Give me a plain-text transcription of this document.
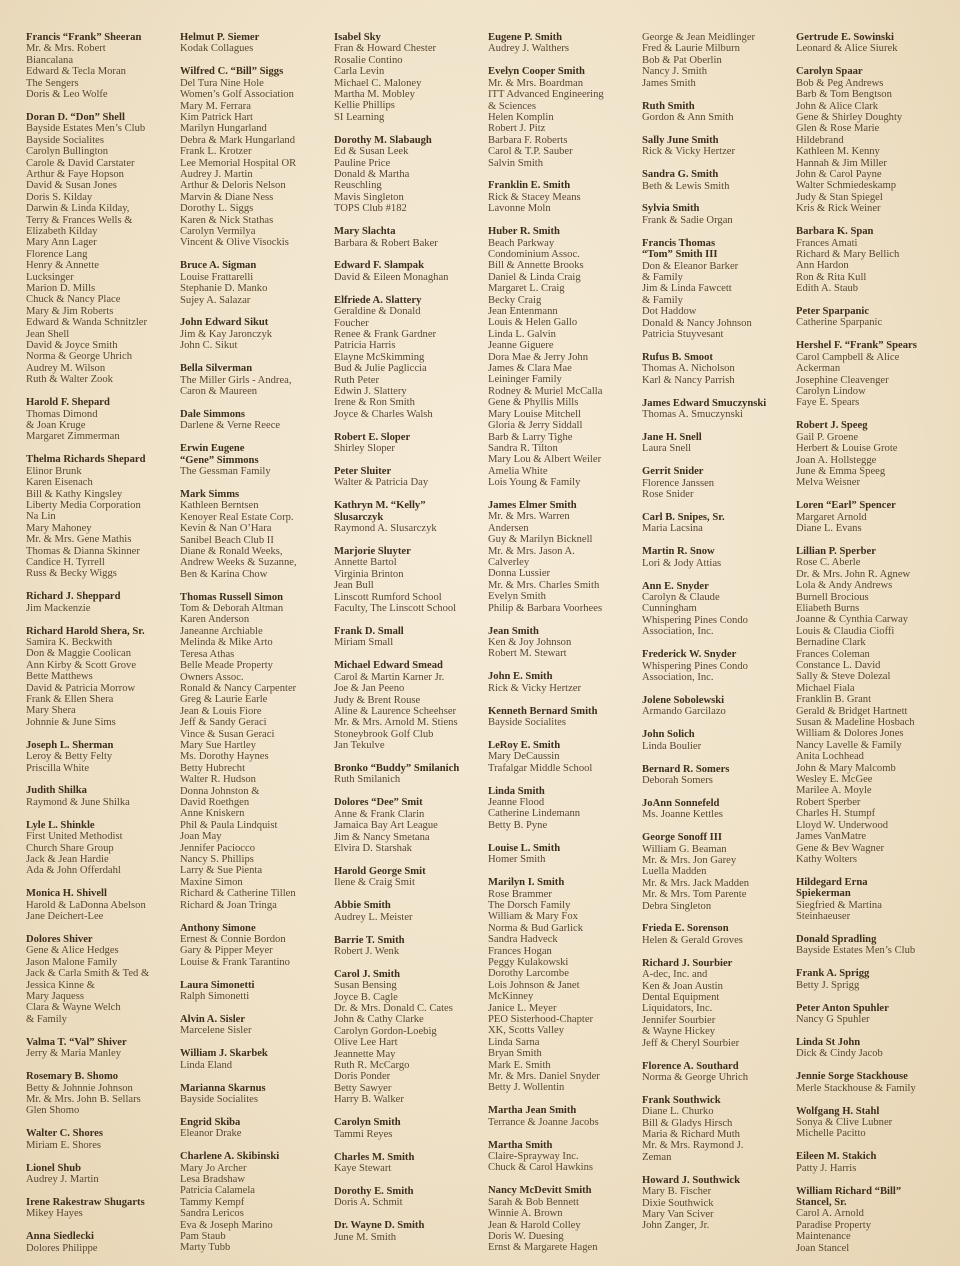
Francis “Frank” Sheeran
Mr. & Mrs. Robert
Biancalana
Edward & Tecla Moran
The Sengers
Doris & Leo Wolfe
Doran D. “Don” Shell
Bayside Estates Men’s Club
Bayside Socialites
Carolyn Bullington
Carole & David Carstater
Arthur & Faye Hopson
David & Susan Jones
Doris S. Kilday
Darwin & Linda Kilday,
Terry & Frances Wells &
Elizabeth Kilday
Mary Ann Lager
Florence Lang
Henry & Annette
Lucksinger
Marion D. Mills
Chuck & Nancy Place
Mary & Jim Roberts
Edward & Wanda Schnitzler
Jean Shell
David & Joyce Smith
Norma & George Uhrich
Audrey M. Wilson
Ruth & Walter Zook
Harold F. Shepard
Thomas Dimond
& Joan Kruge
Margaret Zimmerman
Thelma Richards Shepard
Elinor Brunk
Karen Eisenach
Bill & Kathy Kingsley
Liberty Media Corporation
Na Lin
Mary Mahoney
Mr. & Mrs. Gene Mathis
Thomas & Dianna Skinner
Candice H. Tyrrell
Russ & Becky Wiggs
Richard J. Sheppard
Jim Mackenzie
Richard Harold Shera, Sr.
Samira K. Beckwith
Don & Maggie Coolican
Ann Kirby & Scott Grove
Bette Matthews
David & Patricia Morrow
Frank & Ellen Shera
Mary Shera
Johnnie & June Sims
Joseph L. Sherman
Leroy & Betty Felty
Priscilla White
Judith Shilka
Raymond & June Shilka
Lyle L. Shinkle
First United Methodist
Church Share Group
Jack & Jean Hardie
Ada & John Offerdahl
Monica H. Shivell
Harold & LaDonna Abelson
Jane Deichert-Lee
Dolores Shiver
Gene & Alice Hedges
Jason Malone Family
Jack & Carla Smith & Ted &
Jessica Kinne &
Mary Jaquess
Clara & Wayne Welch
& Family
Valma T. “Val” Shiver
Jerry & Maria Manley
Rosemary B. Shomo
Betty & Johnnie Johnson
Mr. & Mrs. John B. Sellars
Glen Shomo
Walter C. Shores
Miriam E. Shores
Lionel Shub
Audrey J. Martin
Irene Rakestraw Shugarts
Mikey Hayes
Anna Siedlecki
Dolores Philippe
Helmut P. Siemer
Kodak Collagues
Wilfred C. “Bill” Siggs
Del Tura Nine Hole
Women’s Golf Association
Mary M. Ferrara
Kim Patrick Hart
Marilyn Hungarland
Debra & Mark Hungarland
Frank L. Krotzer
Lee Memorial Hospital OR
Audrey J. Martin
Arthur & Deloris Nelson
Marvin & Diane Ness
Dorothy L. Siggs
Karen & Nick Stathas
Carolyn Vermilya
Vincent & Olive Visockis
Bruce A. Sigman
Louise Frattarelli
Stephanie D. Manko
Sujey A. Salazar
John Edward Sikut
Jim & Kay Jaronczyk
John C. Sikut
Bella Silverman
The Miller Girls - Andrea,
Caron & Maureen
Dale Simmons
Darlene & Verne Reece
Erwin Eugene
“Gene” Simmons
The Gessman Family
Mark Simms
Kathleen Berntsen
Kenoyer Real Estate Corp.
Kevin & Nan O’Hara
Sanibel Beach Club II
Diane & Ronald Weeks,
Andrew Weeks & Suzanne,
Ben & Karina Chow
Thomas Russell Simon
Tom & Deborah Altman
Karen Anderson
Janeanne Archiable
Melinda & Mike Arto
Teresa Athas
Belle Meade Property
Owners Assoc.
Ronald & Nancy Carpenter
Greg & Laurie Earle
Jean & Louis Fiore
Jeff & Sandy Geraci
Vince & Susan Geraci
Mary Sue Hartley
Ms. Dorothy Haynes
Betty Hubrecht
Walter R. Hudson
Donna Johnston &
David Roethgen
Anne Kniskern
Phil & Paula Lindquist
Joan May
Jennifer Paciocco
Nancy S. Phillips
Larry & Sue Pienta
Maxine Simon
Richard & Catherine Tillen
Richard & Joan Tringa
Anthony Simone
Ernest & Connie Bordon
Gary & Pipper Meyer
Louise & Frank Tarantino
Laura Simonetti
Ralph Simonetti
Alvin A. Sisler
Marcelene Sisler
William J. Skarbek
Linda Eland
Marianna Skarnus
Bayside Socialites
Engrid Skiba
Eleanor Drake
Charlene A. Skibinski
Mary Jo Archer
Lesa Bradshaw
Patricia Calamela
Tammy Kempf
Sandra Lericos
Eva & Joseph Marino
Pam Staub
Marty Tubb
Isabel Sky
Fran & Howard Chester
Rosalie Contino
Carla Levin
Michael C. Maloney
Martha M. Mobley
Kellie Phillips
SI Learning
Dorothy M. Slabaugh
Ed & Susan Leek
Pauline Price
Donald & Martha
Reuschling
Mavis Singleton
TOPS Club #182
Mary Slachta
Barbara & Robert Baker
Edward F. Slampak
David & Eileen Monaghan
Elfriede A. Slattery
Geraldine & Donald
Foucher
Renee & Frank Gardner
Patricia Harris
Elayne McSkimming
Bud & Julie Pagliccia
Ruth Peter
Edwin J. Slattery
Irene & Ron Smith
Joyce & Charles Walsh
Robert E. Sloper
Shirley Sloper
Peter Sluiter
Walter & Patricia Day
Kathryn M. “Kelly”
Slusarczyk
Raymond A. Slusarczyk
Marjorie Sluyter
Annette Bartol
Virginia Brinton
Jean Bull
Linscott Rumford School
Faculty, The Linscott School
Frank D. Small
Miriam Small
Michael Edward Smead
Carol & Martin Karner Jr.
Joe & Jan Peeno
Judy & Brent Rouse
Aline & Laurence Scheehser
Mr. & Mrs. Arnold M. Stiens
Stoneybrook Golf Club
Jan Tekulve
Bronko “Buddy” Smilanich
Ruth Smilanich
Dolores “Dee” Smit
Anne & Frank Clarin
Jamaica Bay Art League
Jim & Nancy Smetana
Elvira D. Starshak
Harold George Smit
Ilene & Craig Smit
Abbie Smith
Audrey L. Meister
Barrie T. Smith
Robert J. Wenk
Carol J. Smith
Susan Bensing
Joyce B. Cagle
Dr. & Mrs. Donald C. Cates
John & Cathy Clarke
Carolyn Gordon-Loebig
Olive Lee Hart
Jeannette May
Ruth R. McCargo
Doris Ponder
Betty Sawyer
Harry B. Walker
Carolyn Smith
Tammi Reyes
Charles M. Smith
Kaye Stewart
Dorothy E. Smith
Doris A. Schmit
Dr. Wayne D. Smith
June M. Smith
Eugene P. Smith
Audrey J. Walthers
Evelyn Cooper Smith
Mr. & Mrs. Boardman
ITT Advanced Engineering
& Sciences
Helen Komplin
Robert J. Pitz
Barbara F. Roberts
Carol & T.P. Sauber
Salvin Smith
Franklin E. Smith
Rick & Stacey Means
Lavonne Moln
Huber R. Smith
Beach Parkway
Condominium Assoc.
Bill & Annette Brooks
Daniel & Linda Craig
Margaret L. Craig
Becky Craig
Jean Entenmann
Louis & Helen Gallo
Linda L. Galvin
Jeanne Giguere
Dora Mae & Jerry John
James & Clara Mae
Leininger Family
Rodney & Muriel McCalla
Gene & Phyllis Mills
Mary Louise Mitchell
Gloria & Jerry Siddall
Barb & Larry Tighe
Sandra R. Tilton
Mary Lou & Albert Weiler
Amelia White
Lois Young & Family
James Elmer Smith
Mr. & Mrs. Warren
Andersen
Guy & Marilyn Bicknell
Mr. & Mrs. Jason A.
Calverley
Donna Lussier
Mr. & Mrs. Charles Smith
Evelyn Smith
Philip & Barbara Voorhees
Jean Smith
Ken & Joy Johnson
Robert M. Stewart
John E. Smith
Rick & Vicky Hertzer
Kenneth Bernard Smith
Bayside Socialites
LeRoy E. Smith
Mary DeCaussin
Trafalgar Middle School
Linda Smith
Jeanne Flood
Catherine Lindemann
Betty B. Pyne
Louise L. Smith
Homer Smith
Marilyn I. Smith
Rose Brammer
The Dorsch Family
William & Mary Fox
Norma & Bud Garlick
Sandra Hadveck
Frances Hogan
Peggy Kulakowski
Dorothy Larcombe
Lois Johnson & Janet
McKinney
Janice L. Meyer
PEO Sisterhood-Chapter
XK, Scotts Valley
Linda Sarna
Bryan Smith
Mark E. Smith
Mr. & Mrs. Daniel Snyder
Betty J. Wollentin
Martha Jean Smith
Terrance & Joanne Jacobs
Martha Smith
Claire-Sprayway Inc.
Chuck & Carol Hawkins
Nancy McDevitt Smith
Sarah & Bob Bennett
Winnie A. Brown
Jean & Harold Colley
Doris W. Duesing
Ernst & Margarete Hagen
George & Jean Meidlinger
Fred & Laurie Milburn
Bob & Pat Oberlin
Nancy J. Smith
James Smith
Ruth Smith
Gordon & Ann Smith
Sally June Smith
Rick & Vicky Hertzer
Sandra G. Smith
Beth & Lewis Smith
Sylvia Smith
Frank & Sadie Organ
Francis Thomas
“Tom” Smith III
Don & Eleanor Barker
& Family
Jim & Linda Fawcett
& Family
Dot Haddow
Donald & Nancy Johnson
Patricia Stuyvesant
Rufus B. Smoot
Thomas A. Nicholson
Karl & Nancy Parrish
James Edward Smuczynski
Thomas A. Smuczynski
Jane H. Snell
Laura Snell
Gerrit Snider
Florence Janssen
Rose Snider
Carl B. Snipes, Sr.
Maria Lacsina
Martin R. Snow
Lori & Jody Attias
Ann E. Snyder
Carolyn & Claude
Cunningham
Whispering Pines Condo
Association, Inc.
Frederick W. Snyder
Whispering Pines Condo
Association, Inc.
Jolene Sobolewski
Armando Garcilazo
John Solich
Linda Boulier
Bernard R. Somers
Deborah Somers
JoAnn Sonnefeld
Ms. Joanne Kettles
George Sonoff III
William G. Beaman
Mr. & Mrs. Jon Garey
Luella Madden
Mr. & Mrs. Jack Madden
Mr. & Mrs. Tom Parente
Debra Singleton
Frieda E. Sorenson
Helen & Gerald Groves
Richard J. Sourbier
A-dec, Inc. and
Ken & Joan Austin
Dental Equipment
Liquidators, Inc.
Jennifer Sourbier
& Wayne Hickey
Jeff & Cheryl Sourbier
Florence A. Southard
Norma & George Uhrich
Frank Southwick
Diane L. Churko
Bill & Gladys Hirsch
Maria & Richard Muth
Mr. & Mrs. Raymond J.
Zeman
Howard J. Southwick
Mary B. Fischer
Dixie Southwick
Mary Van Sciver
John Zanger, Jr.
Gertrude E. Sowinski
Leonard & Alice Siurek
Carolyn Spaar
Bob & Peg Andrews
Barb & Tom Bengtson
John & Alice Clark
Gene & Shirley Doughty
Glen & Rose Marie
Hildebrand
Kathleen M. Kenny
Hannah & Jim Miller
John & Carol Payne
Walter Schmiedeskamp
Judy & Stan Spiegel
Kris & Rick Weiner
Barbara K. Span
Frances Amati
Richard & Mary Bellich
Ann Hardon
Ron & Rita Kull
Edith A. Staub
Peter Sparpanic
Catherine Sparpanic
Hershel F. “Frank” Spears
Carol Campbell & Alice
Ackerman
Josephine Cleavenger
Carolyn Lindow
Faye E. Spears
Robert J. Speeg
Gail P. Groene
Herbert & Louise Grote
Joan A. Hollstegge
June & Emma Speeg
Melva Weisner
Loren “Earl” Spencer
Margaret Arnold
Diane L. Evans
Lillian P. Sperber
Rose C. Aberle
Dr. & Mrs. John R. Agnew
Lola & Andy Andrews
Burnell Brocious
Eliabeth Burns
Joanne & Cynthia Carway
Louis & Claudia Cioffi
Bernadine Clark
Frances Coleman
Constance L. David
Sally & Steve Dolezal
Michael Fiala
Franklin B. Grant
Gerald & Bridget Hartnett
Susan & Madeline Hosbach
William & Dolores Jones
Nancy Lavelle & Family
Anita Lochhead
John & Mary Malcomb
Wesley E. McGee
Marilee A. Moyle
Robert Sperber
Charles H. Stumpf
Lloyd W. Underwood
James VanMatre
Gene & Bev Wagner
Kathy Wolters
Hildegard Erna
Spiekerman
Siegfried & Martina
Steinhaeuser
Donald Spradling
Bayside Estates Men’s Club
Frank A. Sprigg
Betty J. Sprigg
Peter Anton Spuhler
Nancy G Spuhler
Linda St John
Dick & Cindy Jacob
Jennie Sorge Stackhouse
Merle Stackhouse & Family
Wolfgang H. Stahl
Sonya & Clive Lubner
Michelle Pacitto
Eileen M. Stakich
Patty J. Harris
William Richard “Bill”
Stancel, Sr.
Carol A. Arnold
Paradise Property
Maintenance
Joan Stancel
